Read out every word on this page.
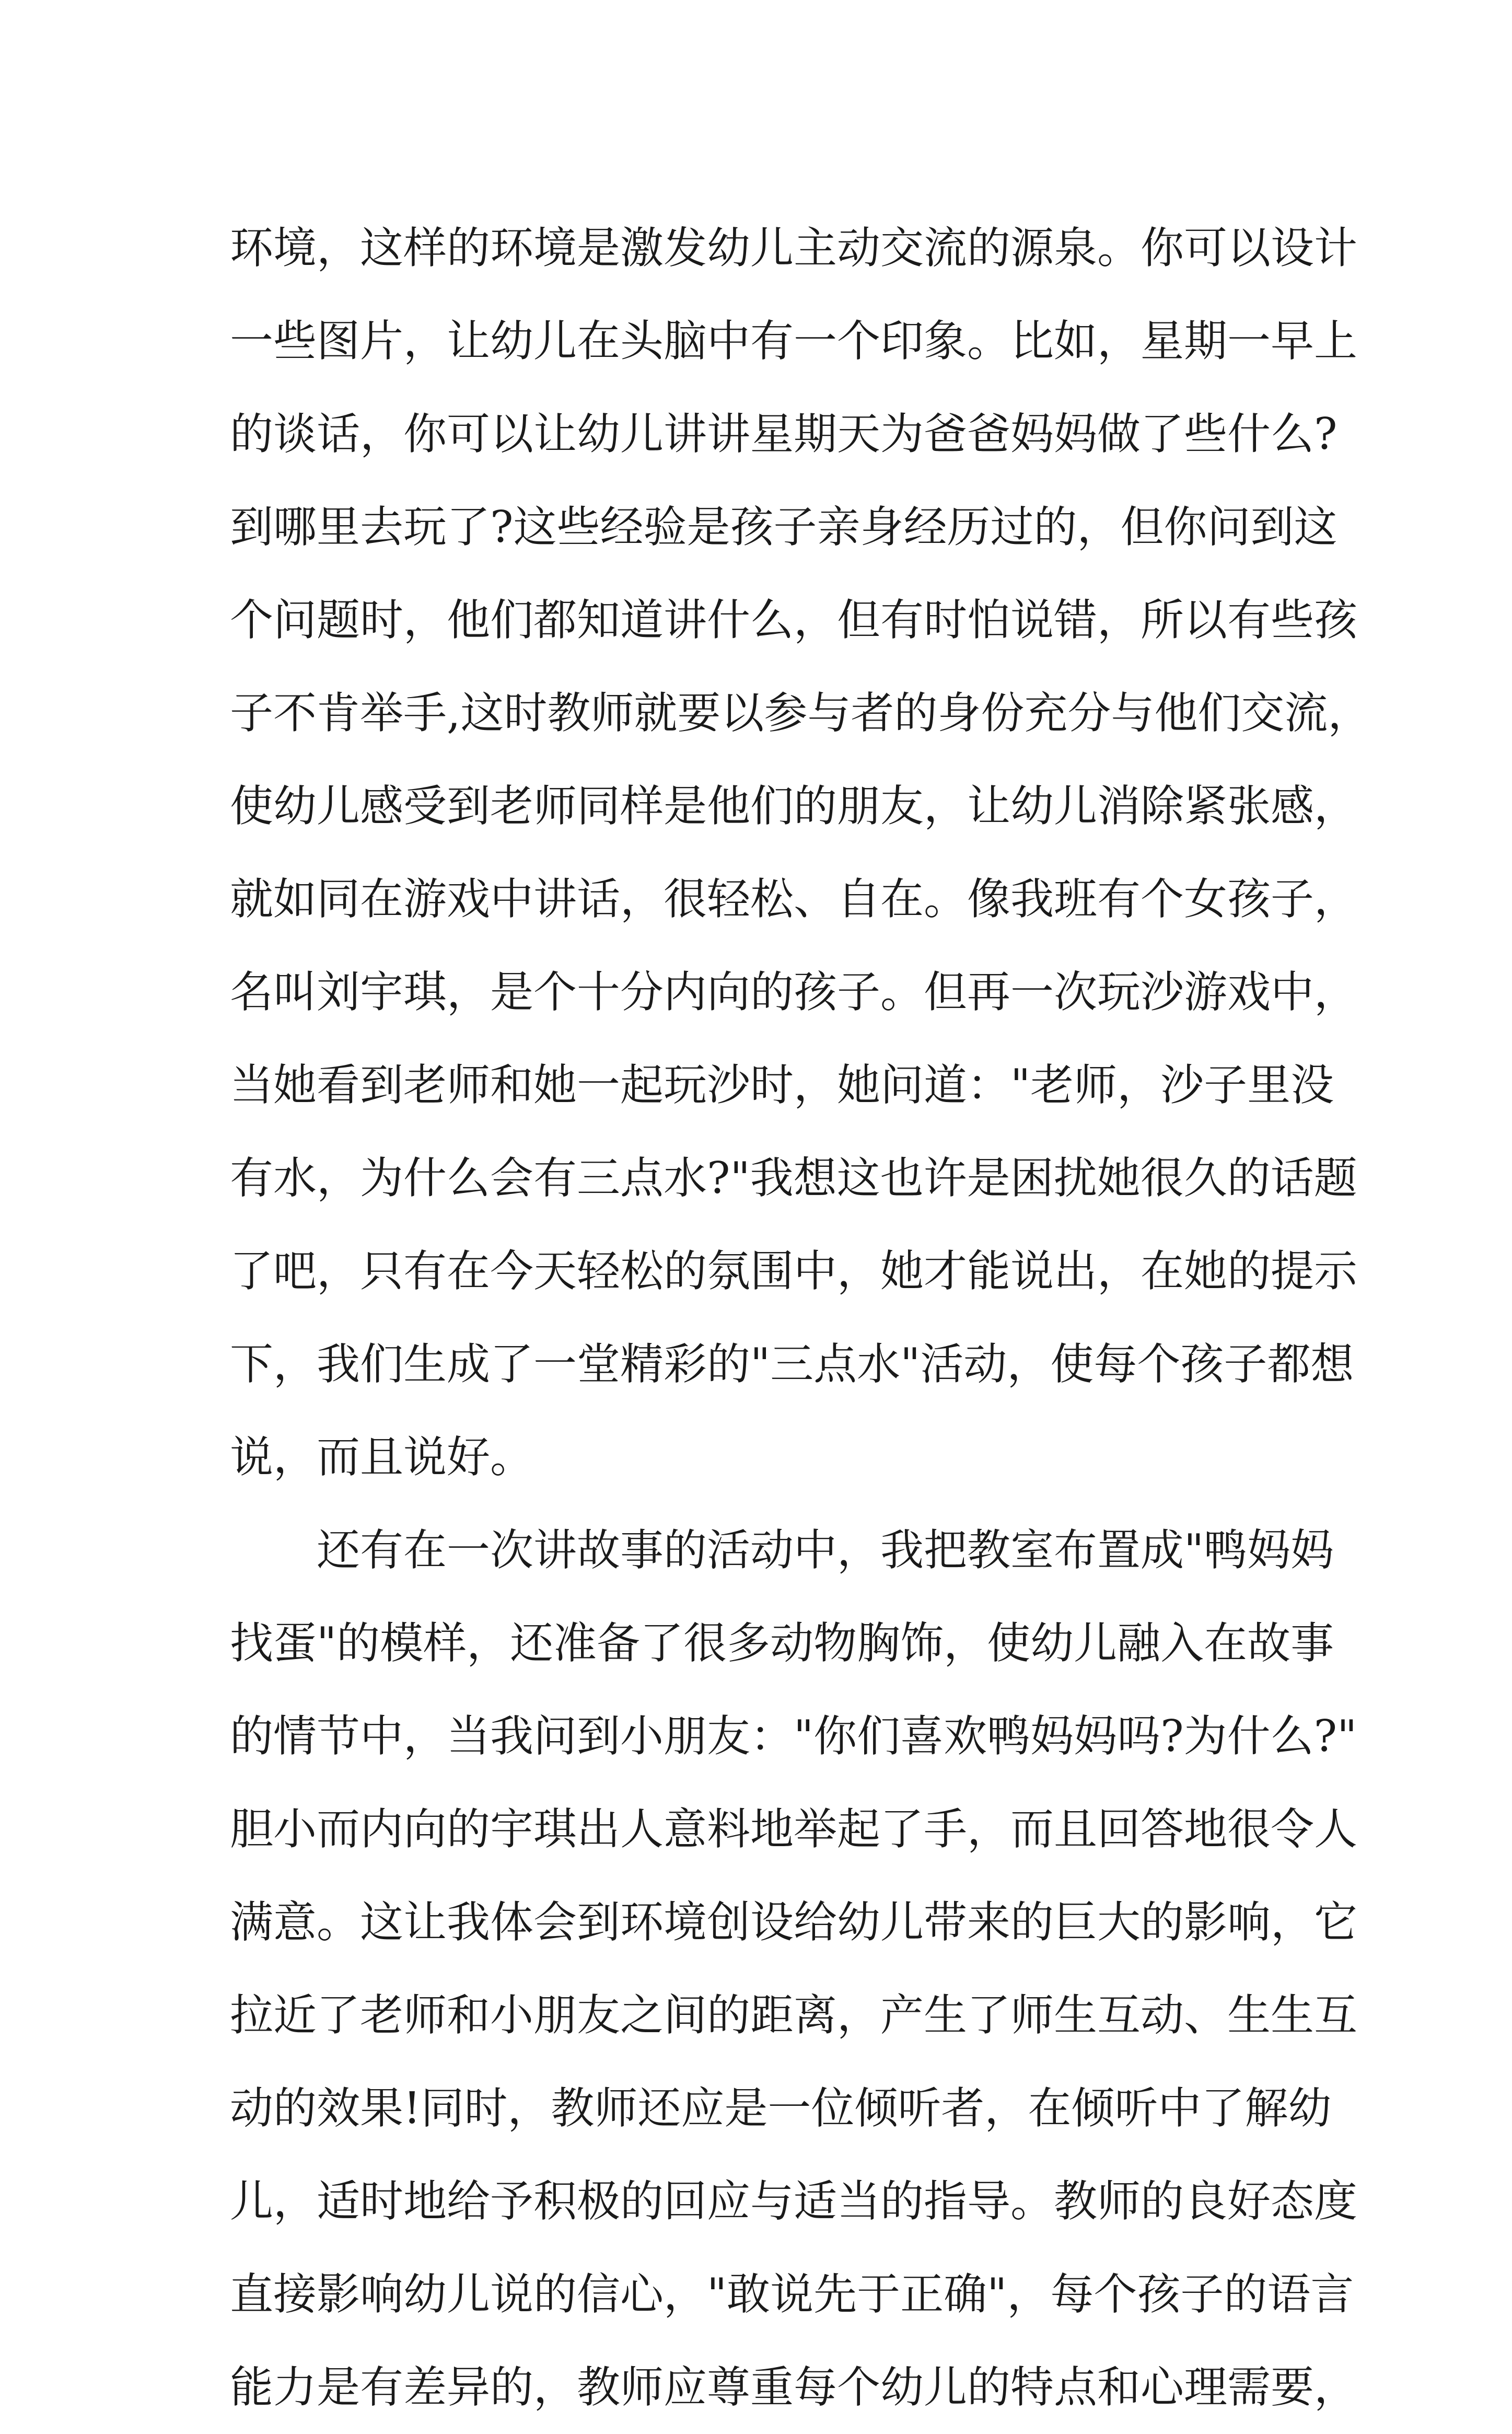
环境，这样的环境是激发幼儿主动交流的源泉。你可以设计
一些图片，让幼儿在头脑中有一个印象。比如，星期一早上
的谈话，你可以让幼儿讲讲星期天为爸爸妈妈做了些什么?
到哪里去玩了?这些经验是孩子亲身经历过的，但你问到这
个问题时，他们都知道讲什么，但有时怕说错，所以有些孩
子不肯举手,这时教师就要以参与者的身份充分与他们交流，
使幼儿感受到老师同样是他们的朋友，让幼儿消除紧张感，
就如同在游戏中讲话，很轻松、自在。像我班有个女孩子，
名叫刘宇琪，是个十分内向的孩子。但再一次玩沙游戏中，
当她看到老师和她一起玩沙时，她问道："老师，沙子里没
有水，为什么会有三点水?"我想这也许是困扰她很久的话题
了吧，只有在今天轻松的氛围中，她才能说出，在她的提示
下，我们生成了一堂精彩的"三点水"活动，使每个孩子都想
说，而且说好。
还有在一次讲故事的活动中，我把教室布置成"鸭妈妈
找蛋"的模样，还准备了很多动物胸饰，使幼儿融入在故事
的情节中，当我问到小朋友："你们喜欢鸭妈妈吗?为什么?"
胆小而内向的宇琪出人意料地举起了手，而且回答地很令人
满意。这让我体会到环境创设给幼儿带来的巨大的影响，它
拉近了老师和小朋友之间的距离，产生了师生互动、生生互
动的效果!同时，教师还应是一位倾听者，在倾听中了解幼
儿，适时地给予积极的回应与适当的指导。教师的良好态度
直接影响幼儿说的信心，"敢说先于正确"，每个孩子的语言
能力是有差异的，教师应尊重每个幼儿的特点和心理需要，
